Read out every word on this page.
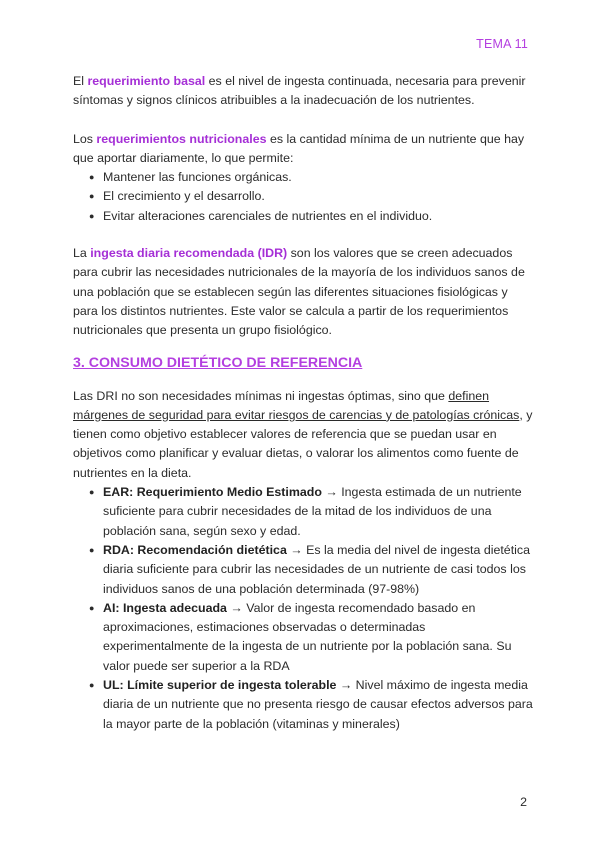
TEMA 11

El requerimiento basal es el nivel de ingesta continuada, necesaria para prevenir síntomas y signos clínicos atribuibles a la inadecuación de los nutrientes.

Los requerimientos nutricionales es la cantidad mínima de un nutriente que hay que aportar diariamente, lo que permite:

● Mantener las funciones orgánicas.
● El crecimiento y el desarrollo.
● Evitar alteraciones carenciales de nutrientes en el individuo.

La ingesta diaria recomendada (IDR) son los valores que se creen adecuados para cubrir las necesidades nutricionales de la mayoría de los individuos sanos de una población que se establecen según las diferentes situaciones fisiológicas y para los distintos nutrientes. Este valor se calcula a partir de los requerimientos nutricionales que presenta un grupo fisiológico.

3. CONSUMO DIETÉTICO DE REFERENCIA

Las DRI no son necesidades mínimas ni ingestas óptimas, sino que definen márgenes de seguridad para evitar riesgos de carencias y de patologías crónicas, y tienen como objetivo establecer valores de referencia que se puedan usar en objetivos como planificar y evaluar dietas, o valorar los alimentos como fuente de nutrientes en la dieta.

● EAR: Requerimiento Medio Estimado → Ingesta estimada de un nutriente suficiente para cubrir necesidades de la mitad de los individuos de una población sana, según sexo y edad.
● RDA: Recomendación dietética → Es la media del nivel de ingesta dietética diaria suficiente para cubrir las necesidades de un nutriente de casi todos los individuos sanos de una población determinada (97-98%)
● AI: Ingesta adecuada → Valor de ingesta recomendado basado en aproximaciones, estimaciones observadas o determinadas experimentalmente de la ingesta de un nutriente por la población sana. Su valor puede ser superior a la RDA
● UL: Límite superior de ingesta tolerable → Nivel máximo de ingesta media diaria de un nutriente que no presenta riesgo de causar efectos adversos para la mayor parte de la población (vitaminas y minerales)
2
